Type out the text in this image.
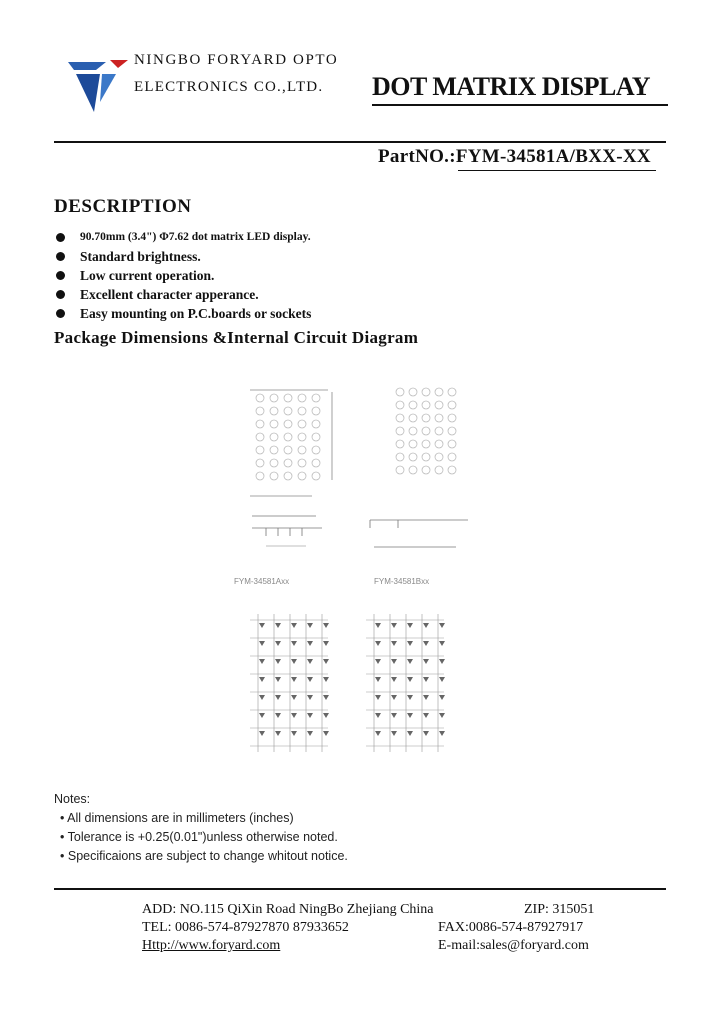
NINGBO FORYARD OPTO
ELECTRONICS CO.,LTD. DOT MATRIX DISPLAY
PartNO.:FYM-34581A/BXX-XX
DESCRIPTION
90.70mm (3.4") Φ7.62 dot matrix LED display.
Standard brightness.
Low current operation.
Excellent character apperance.
Easy mounting on P.C.boards or sockets
Package Dimensions &Internal Circuit Diagram
FYM-34581Axx	FYM-34581Bxx
Notes:
• All dimensions are in millimeters (inches)
• Tolerance is +0.25(0.01")unless otherwise noted.
• Specificaions are subject to change whitout notice.
ADD: NO.115 QiXin Road NingBo Zhejiang China	ZIP: 315051
TEL: 0086-574-87927870 87933652	FAX:0086-574-87927917
Http://www.foryard.com	E-mail:sales@foryard.com
